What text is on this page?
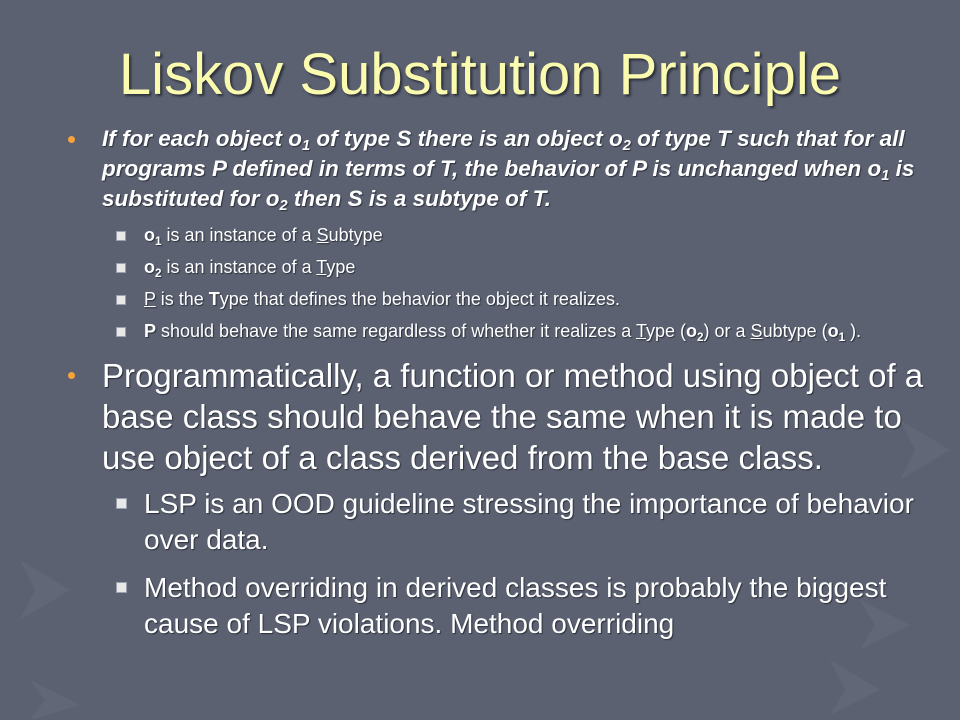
Liskov Substitution Principle
If for each object $o_1$ of type S there is an object $o_2$ of type T such that for all programs P defined in terms of T, the behavior of P is unchanged when $o_1$ is substituted for $o_2$ then S is a subtype of T.
$o_1$ is an instance of a Subtype
$o_2$ is an instance of a Type
P is the Type that defines the behavior the object it realizes.
P should behave the same regardless of whether it realizes a Type $(o_2)$ or a Subtype ($o_1$ ).
Programmatically, a function or method using object of a base class should behave the same when it is made to use object of a class derived from the base class.
LSP is an OOD guideline stressing the importance of behavior over data.
Method overriding in derived classes is probably the biggest cause of LSP violations. Method overriding
